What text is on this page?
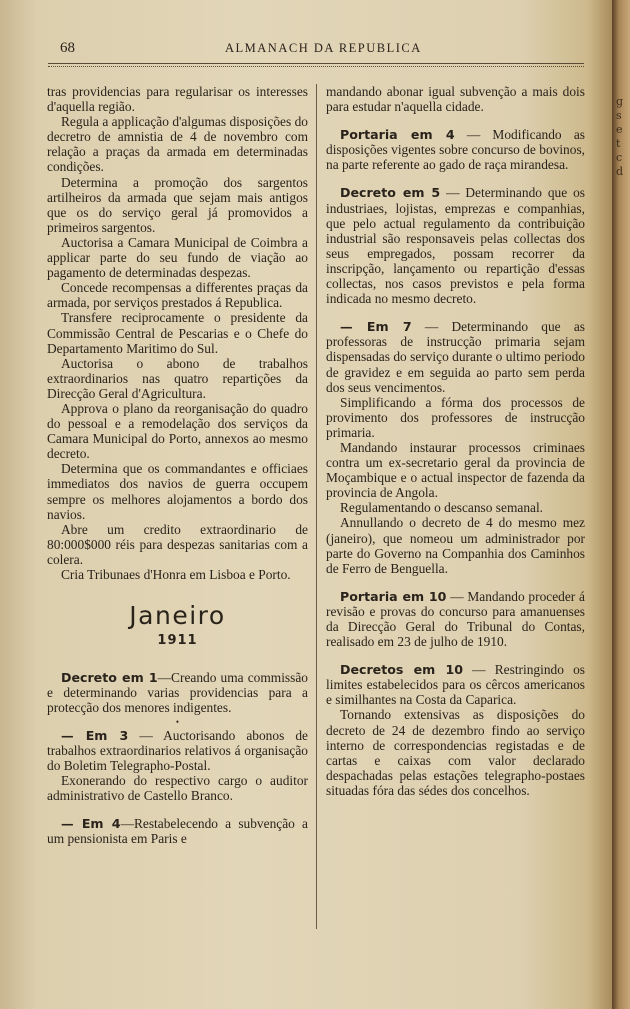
68	ALMANACH DA REPUBLICA

tras providencias para regularisar os interesses d'aquella região.

Regula a applicação d'algumas disposições do decretro de amnistia de 4 de novembro com relação a praças da armada em determinadas condições.

Determina a promoção dos sargentos artilheiros da armada que sejam mais antigos que os do serviço geral já promovidos a primeiros sargentos.

Auctorisa a Camara Municipal de Coimbra a applicar parte do seu fundo de viação ao pagamento de determinadas despezas.

Concede recompensas a differentes praças da armada, por serviços prestados á Republica.

Transfere reciprocamente o presidente da Commissão Central de Pescarias e o Chefe do Departamento Maritimo do Sul.

Auctorisa o abono de trabalhos extraordinarios nas quatro repartições da Direcção Geral d'Agricultura.

Approva o plano da reorganisação do quadro do pessoal e a remodelação dos serviços da Camara Municipal do Porto, annexos ao mesmo decreto.

Determina que os commandantes e officiaes immediatos dos navios de guerra occupem sempre os melhores alojamentos a bordo dos navios.

Abre um credito extraordinario de 80:000$000 réis para despezas sanitarias com a colera.

Cria Tribunaes d'Honra em Lisboa e Porto.

Janeiro
1911

Decreto em 1—Creando uma commissão e determinando varias providencias para a protecção dos menores indigentes.

•

— Em 3 — Auctorisando abonos de trabalhos extraordinarios relativos á organisação do Boletim Telegrapho-Postal.

Exonerando do respectivo cargo o auditor administrativo de Castello Branco.

— Em 4—Restabelecendo a subvenção a um pensionista em Paris e

mandando abonar igual subvenção a mais dois para estudar n'aquella cidade.

Portaria em 4 — Modificando as disposições vigentes sobre concurso de bovinos, na parte referente ao gado de raça mirandesa.

Decreto em 5 — Determinando que os industriaes, lojistas, emprezas e companhias, que pelo actual regulamento da contribuição industrial são responsaveis pelas collectas dos seus empregados, possam recorrer da inscripção, lançamento ou repartição d'essas collectas, nos casos previstos e pela forma indicada no mesmo decreto.

— Em 7 — Determinando que as professoras de instrucção primaria sejam dispensadas do serviço durante o ultimo periodo de gravidez e em seguida ao parto sem perda dos seus vencimentos.

Simplificando a fórma dos processos de provimento dos professores de instrucção primaria.

Mandando instaurar processos criminaes contra um ex-secretario geral da provincia de Moçambique e o actual inspector de fazenda da provincia de Angola.

Regulamentando o descanso semanal.

Annullando o decreto de 4 do mesmo mez (janeiro), que nomeou um administrador por parte do Governo na Companhia dos Caminhos de Ferro de Benguella.

Portaria em 10 — Mandando proceder á revisão e provas do concurso para amanuenses da Direcção Geral do Tribunal do Contas, realisado em 23 de julho de 1910.

Decretos em 10 — Restringindo os limites estabelecidos para os cêrcos americanos e similhantes na Costa da Caparica.

Tornando extensivas as disposições do decreto de 24 de dezembro findo ao serviço interno de correspondencias registadas e de cartas e caixas com valor declarado despachadas pelas estações telegrapho-postaes situadas fóra das sédes dos concelhos.

g
s
e
t
c
d
